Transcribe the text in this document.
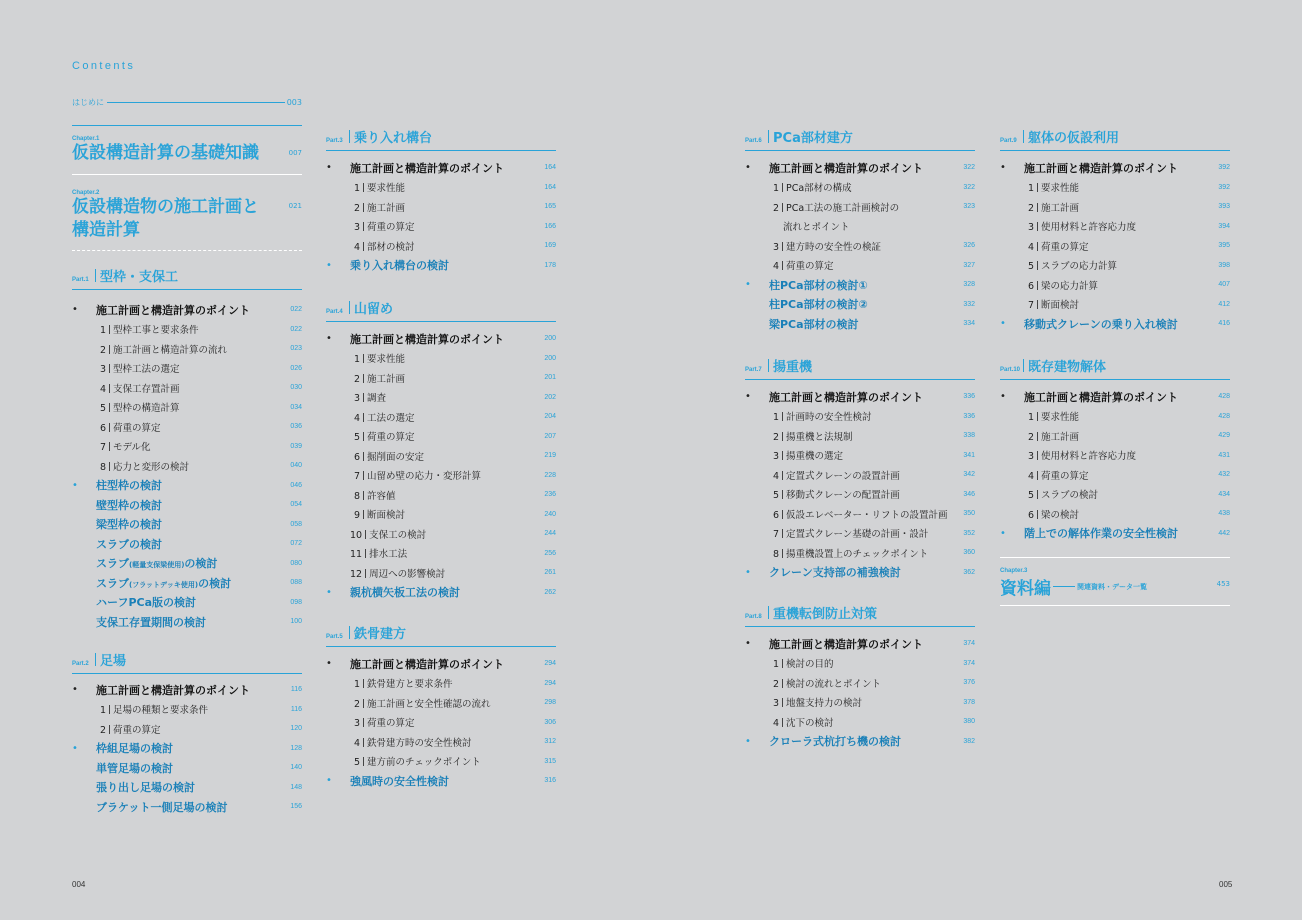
Contents
はじめに	003
Chapter.1
仮設構造計算の基礎知識	007
Chapter.2
仮設構造物の施工計画と
構造計算
021
Part.1 型枠・支保工
•	施工計画と構造計算のポイント	022
1 型枠工事と要求条件	022
2 施工計画と構造計算の流れ	023
3 型枠工法の選定	026
4 支保工存置計画	030
5 型枠の構造計算	034
6 荷重の算定	036
7 モデル化	039
8 応力と変形の検討	040
•	柱型枠の検討	046
壁型枠の検討	054
梁型枠の検討	058
スラブの検討	072
スラブ(軽量支保梁使用)の検討	080
スラブ(フラットデッキ使用)の検討	088
ハーフPCa版の検討	098
支保工存置期間の検討	100
Part.2 足場
•	施工計画と構造計算のポイント	116
1 足場の種類と要求条件	116
2 荷重の算定	120
•	枠組足場の検討	128
単管足場の検討	140
張り出し足場の検討	148
ブラケット一側足場の検討	156
Part.3 乗り入れ構台
•	施工計画と構造計算のポイント	164
1 要求性能	164
2 施工計画	165
3 荷重の算定	166
4 部材の検討	169
•	乗り入れ構台の検討	178
Part.4 山留め
•	施工計画と構造計算のポイント	200
1 要求性能	200
2 施工計画	201
3 調査	202
4 工法の選定	204
5 荷重の算定	207
6 掘削面の安定	219
7 山留め壁の応力・変形計算	228
8 許容値	236
9 断面検討	240
10 支保工の検討	244
11 排水工法	256
12 周辺への影響検討	261
•	親杭横矢板工法の検討	262
Part.5 鉄骨建方
•	施工計画と構造計算のポイント	294
1 鉄骨建方と要求条件	294
2 施工計画と安全性確認の流れ	298
3 荷重の算定	306
4 鉄骨建方時の安全性検討	312
5 建方前のチェックポイント	315
•	強風時の安全性検討	316
Part.6 PCa部材建方
•	施工計画と構造計算のポイント	322
1 PCa部材の構成	322
2 PCa工法の施工計画検討の	323
流れとポイント
3 建方時の安全性の検証	326
4 荷重の算定	327
•	柱PCa部材の検討①	328
柱PCa部材の検討②	332
梁PCa部材の検討	334
Part.7 揚重機
•	施工計画と構造計算のポイント	336
1 計画時の安全性検討	336
2 揚重機と法規制	338
3 揚重機の選定	341
4 定置式クレーンの設置計画	342
5 移動式クレーンの配置計画	346
6 仮設エレベーター・リフトの設置計画 350
7 定置式クレーン基礎の計画・設計	352
8 揚重機設置上のチェックポイント	360
•	クレーン支持部の補強検討	362
Part.8 重機転倒防止対策
•	施工計画と構造計算のポイント	374
1 検討の目的	374
2 検討の流れとポイント	376
3 地盤支持力の検討	378
4 沈下の検討	380
•	クローラ式杭打ち機の検討	382
Part.9 躯体の仮設利用
•	施工計画と構造計算のポイント	392
1 要求性能	392
2 施工計画	393
3 使用材料と許容応力度	394
4 荷重の算定	395
5 スラブの応力計算	398
6 梁の応力計算	407
7 断面検討	412
•	移動式クレーンの乗り入れ検討	416
Part.10 既存建物解体
•	施工計画と構造計算のポイント	428
1 要求性能	428
2 施工計画	429
3 使用材料と許容応力度	431
4 荷重の算定	432
5 スラブの検討	434
6 梁の検討	438
•	階上での解体作業の安全性検討	442
Chapter.3
資料編	関連資料・データ一覧	453
004	005
